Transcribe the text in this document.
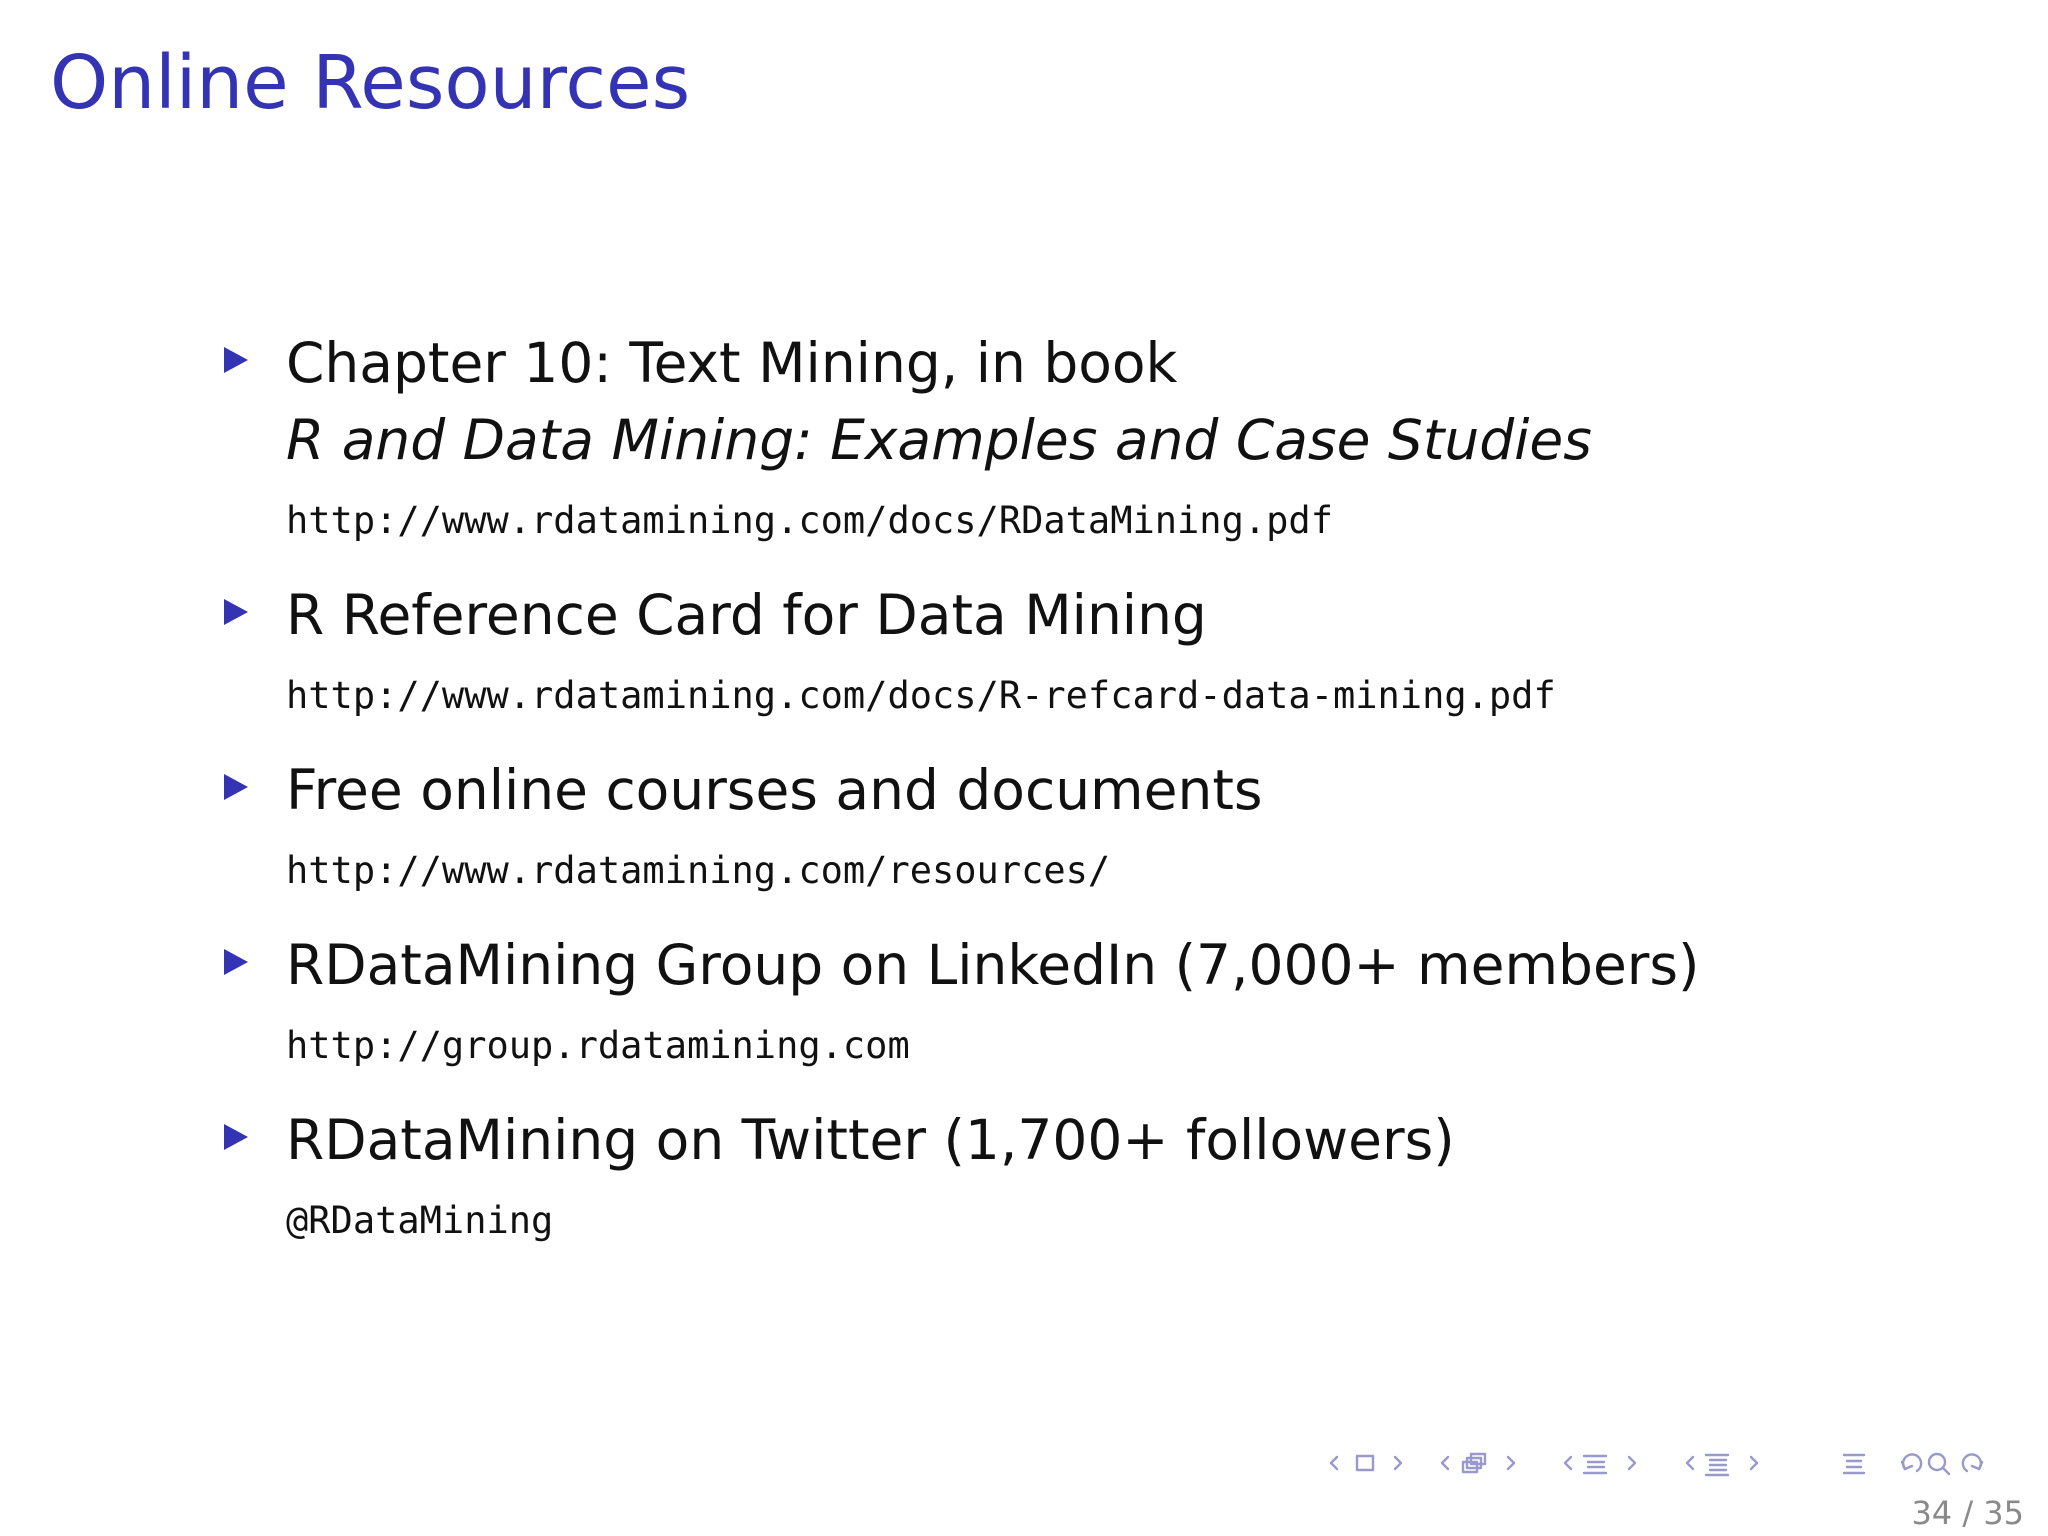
Online Resources
Chapter 10: Text Mining, in book
R and Data Mining: Examples and Case Studies
http://www.rdatamining.com/docs/RDataMining.pdf
R Reference Card for Data Mining
http://www.rdatamining.com/docs/R-refcard-data-mining.pdf
Free online courses and documents
http://www.rdatamining.com/resources/
RDataMining Group on LinkedIn (7,000+ members)
http://group.rdatamining.com
RDataMining on Twitter (1,700+ followers)
@RDataMining
34 / 35
